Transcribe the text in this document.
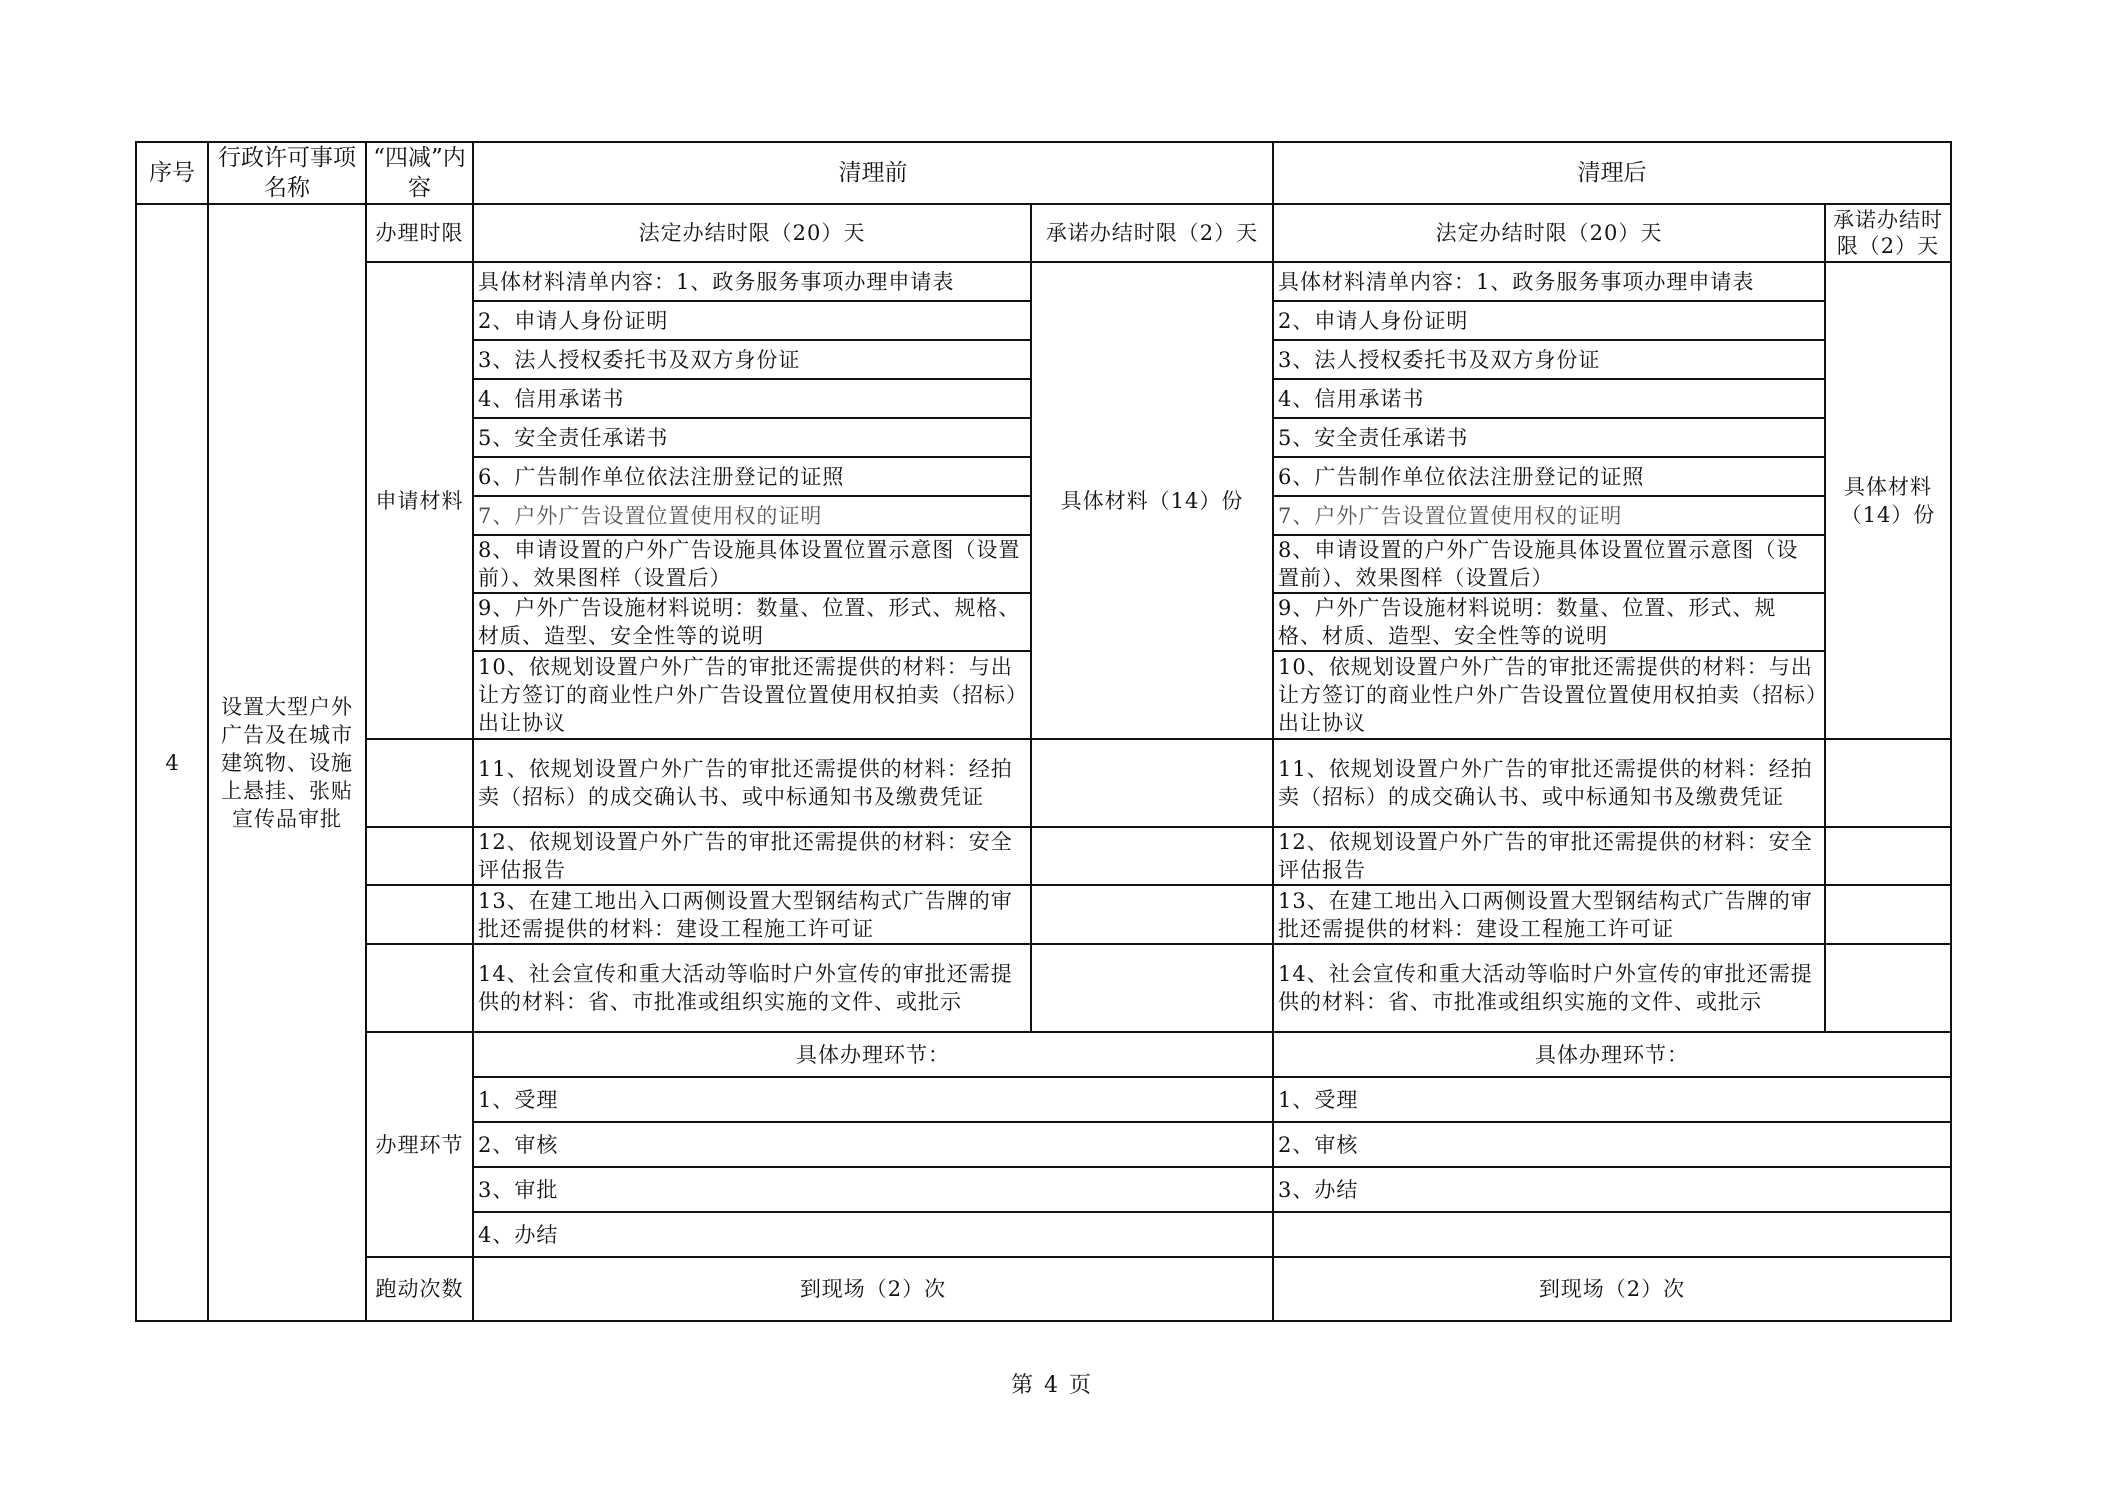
序号	行政许可事项名称	“四减”内容	清理前		清理后	
4	设置大型户外广告及在城市建筑物、设施上悬挂、张贴宣传品审批	办理时限	法定办结时限（20）天	承诺办结时限（2）天	法定办结时限（20）天	承诺办结时限（2）天
		申请材料	具体材料清单内容：1、政务服务事项办理申请表	具体材料（14）份	具体材料清单内容：1、政务服务事项办理申请表	具体材料（14）份
			2、申请人身份证明		2、申请人身份证明	
			3、法人授权委托书及双方身份证		3、法人授权委托书及双方身份证	
			4、信用承诺书		4、信用承诺书	
			5、安全责任承诺书		5、安全责任承诺书	
			6、广告制作单位依法注册登记的证照		6、广告制作单位依法注册登记的证照	
			7、户外广告设置位置使用权的证明		7、户外广告设置位置使用权的证明	
			8、申请设置的户外广告设施具体设置位置示意图（设置前）、效果图样（设置后）		8、申请设置的户外广告设施具体设置位置示意图（设置前）、效果图样（设置后）	
			9、户外广告设施材料说明：数量、位置、形式、规格、材质、造型、安全性等的说明		9、户外广告设施材料说明：数量、位置、形式、规格、材质、造型、安全性等的说明	
			10、依规划设置户外广告的审批还需提供的材料：与出让方签订的商业性户外广告设置位置使用权拍卖（招标）出让协议		10、依规划设置户外广告的审批还需提供的材料：与出让方签订的商业性户外广告设置位置使用权拍卖（招标）出让协议	
			11、依规划设置户外广告的审批还需提供的材料：经拍卖（招标）的成交确认书、或中标通知书及缴费凭证		11、依规划设置户外广告的审批还需提供的材料：经拍卖（招标）的成交确认书、或中标通知书及缴费凭证	
			12、依规划设置户外广告的审批还需提供的材料：安全评估报告		12、依规划设置户外广告的审批还需提供的材料：安全评估报告	
			13、在建工地出入口两侧设置大型钢结构式广告牌的审批还需提供的材料：建设工程施工许可证		13、在建工地出入口两侧设置大型钢结构式广告牌的审批还需提供的材料：建设工程施工许可证	
			14、社会宣传和重大活动等临时户外宣传的审批还需提供的材料：省、市批准或组织实施的文件、或批示		14、社会宣传和重大活动等临时户外宣传的审批还需提供的材料：省、市批准或组织实施的文件、或批示	
		办理环节	具体办理环节：		具体办理环节：	
			1、受理		1、受理	
			2、审核		2、审核	
			3、审批		3、办结	
			4、办结			
		跑动次数	到现场（2）次		到现场（2）次	
第 4 页
